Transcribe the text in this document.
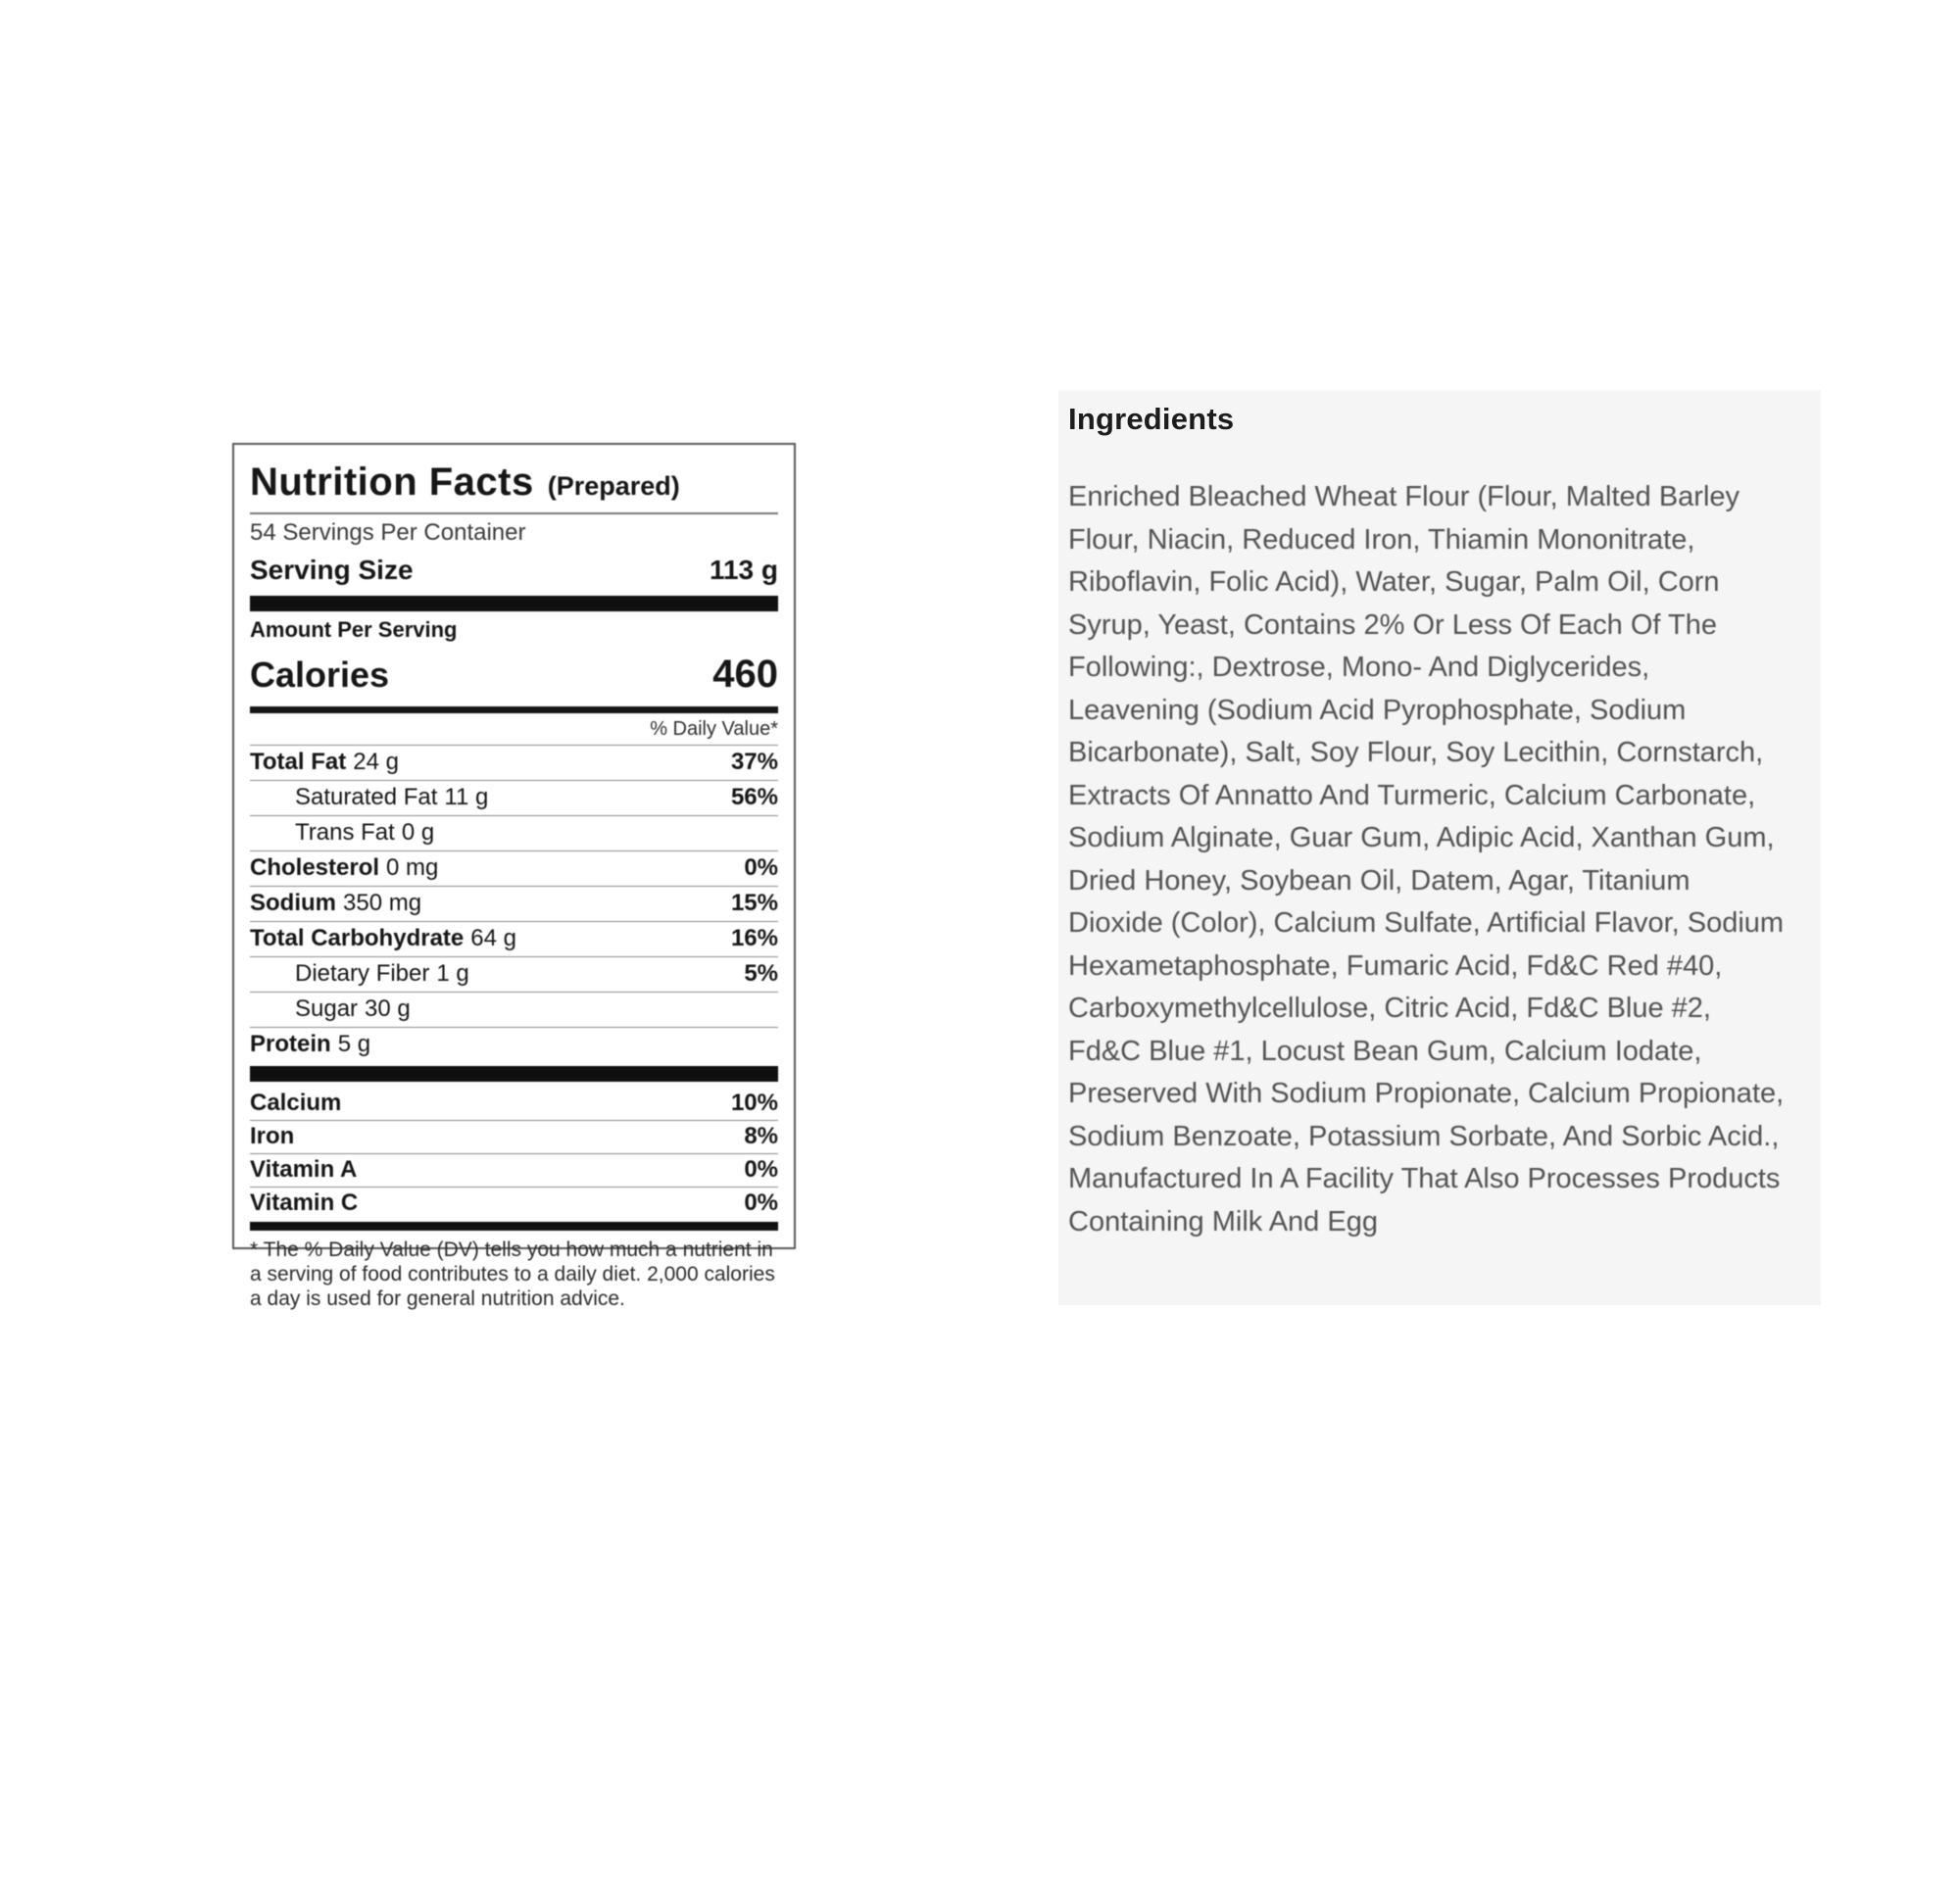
Nutrition Facts (Prepared)
54 Servings Per Container
Serving Size	113 g
Amount Per Serving
Calories	460
% Daily Value*
Total Fat 24 g	37%
Saturated Fat 11 g	56%
Trans Fat 0 g
Cholesterol 0 mg	0%
Sodium 350 mg	15%
Total Carbohydrate 64 g	16%
Dietary Fiber 1 g	5%
Sugar 30 g
Protein 5 g
Calcium	10%
Iron	8%
Vitamin A	0%
Vitamin C	0%
* The % Daily Value (DV) tells you how much a nutrient in a serving of food contributes to a daily diet. 2,000 calories a day is used for general nutrition advice.
Ingredients
Enriched Bleached Wheat Flour (Flour, Malted Barley Flour, Niacin, Reduced Iron, Thiamin Mononitrate, Riboflavin, Folic Acid), Water, Sugar, Palm Oil, Corn Syrup, Yeast, Contains 2% Or Less Of Each Of The Following:, Dextrose, Mono- And Diglycerides, Leavening (Sodium Acid Pyrophosphate, Sodium Bicarbonate), Salt, Soy Flour, Soy Lecithin, Cornstarch, Extracts Of Annatto And Turmeric, Calcium Carbonate, Sodium Alginate, Guar Gum, Adipic Acid, Xanthan Gum, Dried Honey, Soybean Oil, Datem, Agar, Titanium Dioxide (Color), Calcium Sulfate, Artificial Flavor, Sodium Hexametaphosphate, Fumaric Acid, Fd&C Red #40, Carboxymethylcellulose, Citric Acid, Fd&C Blue #2, Fd&C Blue #1, Locust Bean Gum, Calcium Iodate, Preserved With Sodium Propionate, Calcium Propionate, Sodium Benzoate, Potassium Sorbate, And Sorbic Acid., Manufactured In A Facility That Also Processes Products Containing Milk And Egg
